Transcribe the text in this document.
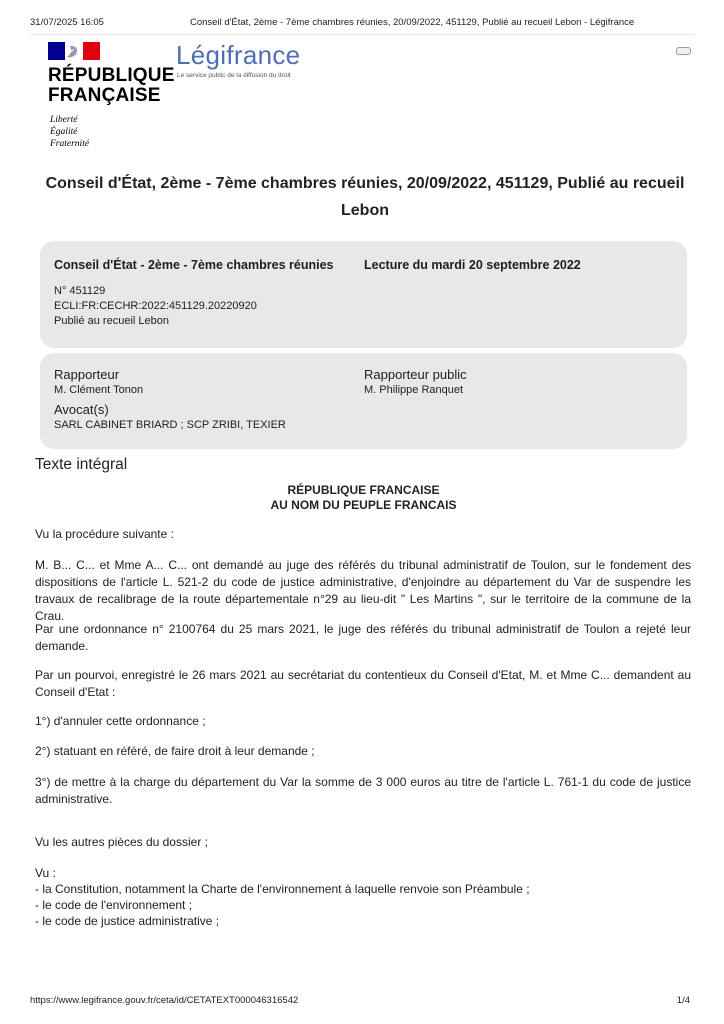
31/07/2025 16:05	Conseil d'État, 2ème - 7ème chambres réunies, 20/09/2022, 451129, Publié au recueil Lebon - Légifrance
RÉPUBLIQUE
FRANÇAISE
Liberté
Égalité
Fraternité
Légifrance
Le service public de la diffusion du droit
Conseil d'État, 2ème - 7ème chambres réunies, 20/09/2022, 451129, Publié au recueil Lebon
Conseil d'État - 2ème - 7ème chambres réunies Lecture du mardi 20 septembre 2022
N° 451129
ECLI:FR:CECHR:2022:451129.20220920
Publié au recueil Lebon
Rapporteur
M. Clément Tonon
Rapporteur public
M. Philippe Ranquet
Avocat(s)
SARL CABINET BRIARD ; SCP ZRIBI, TEXIER
Texte intégral
RÉPUBLIQUE FRANCAISE
AU NOM DU PEUPLE FRANCAIS
Vu la procédure suivante :
M. B... C... et Mme A... C... ont demandé au juge des référés du tribunal administratif de Toulon, sur le fondement des dispositions de l'article L. 521-2 du code de justice administrative, d'enjoindre au département du Var de suspendre les travaux de recalibrage de la route départementale n°29 au lieu-dit " Les Martins ", sur le territoire de la commune de la Crau.
Par une ordonnance n° 2100764 du 25 mars 2021, le juge des référés du tribunal administratif de Toulon a rejeté leur demande.
Par un pourvoi, enregistré le 26 mars 2021 au secrétariat du contentieux du Conseil d'Etat, M. et Mme C... demandent au Conseil d'Etat :
1°) d'annuler cette ordonnance ;
2°) statuant en référé, de faire droit à leur demande ;
3°) de mettre à la charge du département du Var la somme de 3 000 euros au titre de l'article L. 761-1 du code de justice administrative.
Vu les autres pièces du dossier ;
Vu :
- la Constitution, notamment la Charte de l'environnement à laquelle renvoie son Préambule ;
- le code de l'environnement ;
- le code de justice administrative ;
https://www.legifrance.gouv.fr/ceta/id/CETATEXT000046316542	1/4
